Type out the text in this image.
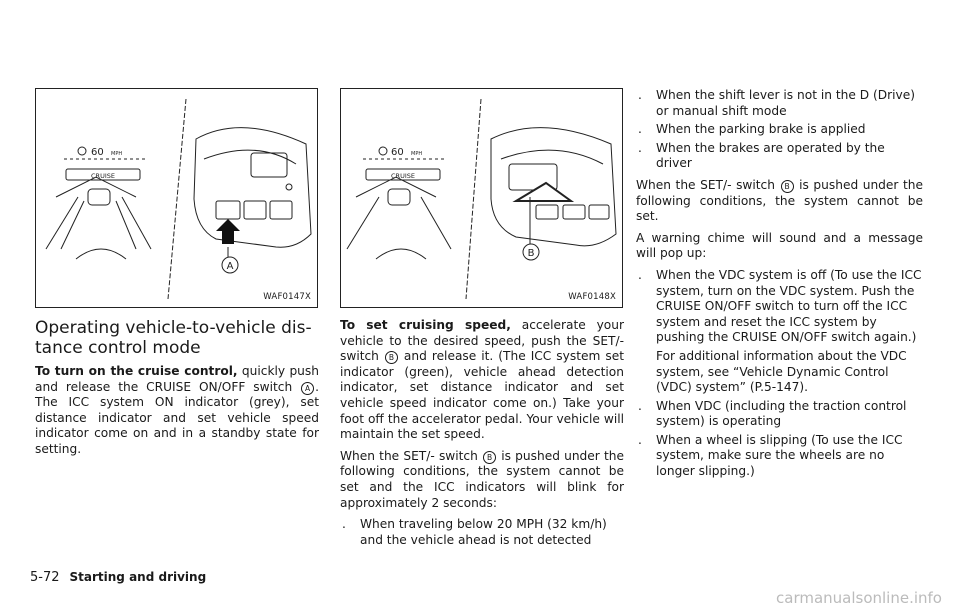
60 MPH
CRUISE
A
WAF0147X
60 MPH
CRUISE
B
WAF0148X
Operating vehicle-to-vehicle dis-
tance control mode

To turn on the cruise control, quickly push and release the CRUISE ON/OFF switch A . The ICC system ON indicator (grey), set distance indicator and set vehicle speed indicator come on and in a standby state for setting.

To set cruising speed, accelerate your vehicle to the desired speed, push the SET/- switch B and release it. (The ICC system set indicator (green), vehicle ahead detection indicator, set distance indicator and set vehicle speed indicator come on.) Take your foot off the accelerator pedal. Your vehicle will maintain the set speed.

When the SET/- switch B is pushed under the following conditions, the system cannot be set and the ICC indicators will blink for approximately 2 seconds:

. When traveling below 20 MPH (32 km/h) and the vehicle ahead is not detected
. When the shift lever is not in the D (Drive) or manual shift mode
. When the parking brake is applied
. When the brakes are operated by the driver

When the SET/- switch B is pushed under the following conditions, the system cannot be set.

A warning chime will sound and a message will pop up:

. When the VDC system is off (To use the ICC system, turn on the VDC system. Push the CRUISE ON/OFF switch to turn off the ICC system and reset the ICC system by pushing the CRUISE ON/OFF switch again.)
For additional information about the VDC system, see “Vehicle Dynamic Control (VDC) system” (P.5-147).
. When VDC (including the traction control system) is operating
. When a wheel is slipping (To use the ICC system, make sure the wheels are no longer slipping.)
5-72 Starting and driving
carmanualsonline.info
